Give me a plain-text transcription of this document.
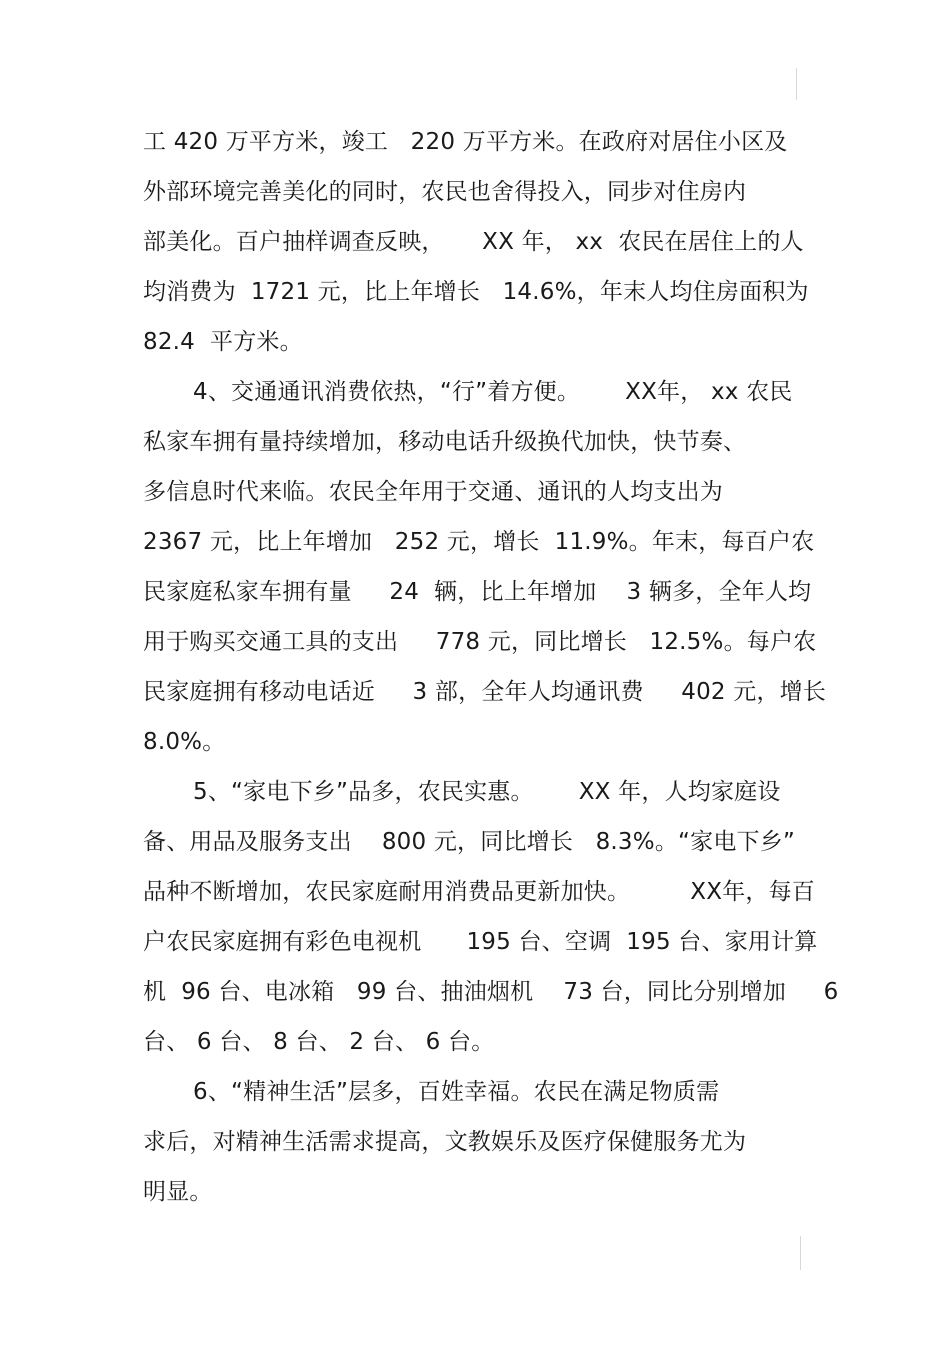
工 420 万平方米，竣工   220 万平方米。在政府对居住小区及
外部环境完善美化的同时，农民也舍得投入，同步对住房内
部美化。百户抽样调查反映，     XX 年， xx  农民在居住上的人
均消费为  1721 元，比上年增长   14.6%，年末人均住房面积为
82.4  平方米。
4、交通通讯消费依热，“行”着方便。      XX年， xx 农民
私家车拥有量持续增加，移动电话升级换代加快，快节奏、
多信息时代来临。农民全年用于交通、通讯的人均支出为
2367 元，比上年增加   252 元，增长  11.9%。年末，每百户农
民家庭私家车拥有量     24  辆，比上年增加    3 辆多，全年人均
用于购买交通工具的支出     778 元，同比增长   12.5%。每户农
民家庭拥有移动电话近     3 部，全年人均通讯费     402 元，增长
8.0%。
5、“家电下乡”品多，农民实惠。      XX 年，人均家庭设
备、用品及服务支出    800 元，同比增长   8.3%。“家电下乡”
品种不断增加，农民家庭耐用消费品更新加快。        XX年，每百
户农民家庭拥有彩色电视机      195 台、空调  195 台、家用计算
机  96 台、电冰箱   99 台、抽油烟机    73 台，同比分别增加     6
台、 6 台、 8 台、 2 台、 6 台。
6、“精神生活”层多，百姓幸福。农民在满足物质需
求后，对精神生活需求提高，文教娱乐及医疗保健服务尤为
明显。
